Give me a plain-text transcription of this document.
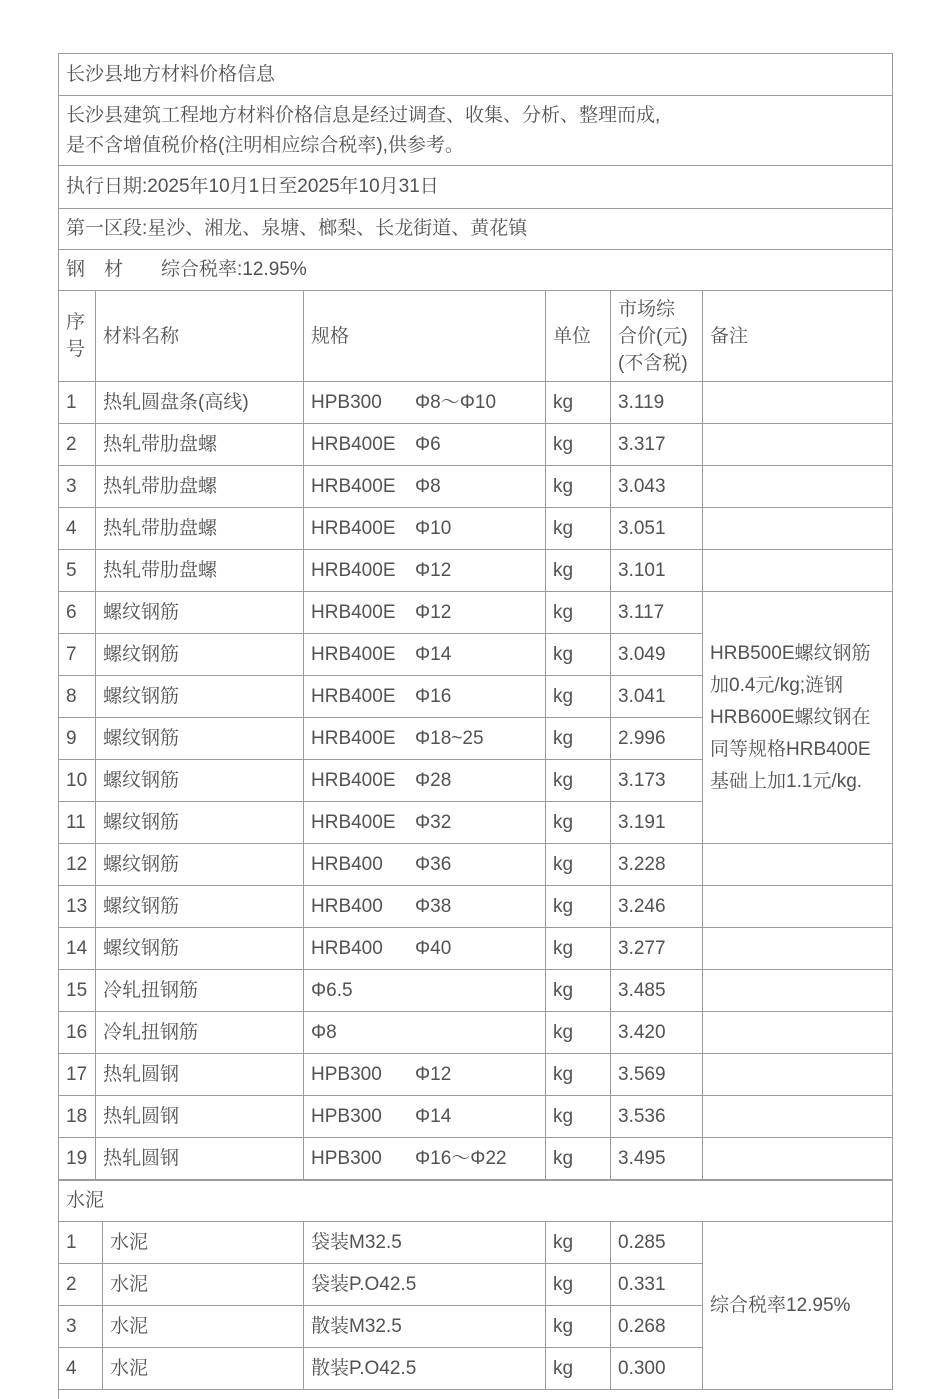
长沙县地方材料价格信息					

长沙县建筑工程地方材料价格信息是经过调查、收集、分析、整理而成,
是不含增值税价格(注明相应综合税率),供参考。					

执行日期:2025年10月1日至2025年10月31日					
第一区段:星沙、湘龙、泉塘、榔梨、长龙街道、黄花镇					
钢　材　　综合税率:12.95%					
序号	材料名称	规格	单位	市场综
合价(元)
(不含税)	备注
1	热轧圆盘条(高线)	HPB300 Φ8～Φ10	kg	3.119	
2	热轧带肋盘螺	HRB400E Φ6	kg	3.317	
3	热轧带肋盘螺	HRB400E Φ8	kg	3.043	
4	热轧带肋盘螺	HRB400E Φ10	kg	3.051	
5	热轧带肋盘螺	HRB400E Φ12	kg	3.101	
6	螺纹钢筋	HRB400E Φ12	kg	3.117	HRB500E螺纹钢筋加0.4元/kg;涟钢HRB600E螺纹钢在同等规格HRB400E基础上加1.1元/kg.
7	螺纹钢筋	HRB400E Φ14	kg	3.049	
8	螺纹钢筋	HRB400E Φ16	kg	3.041	
9	螺纹钢筋	HRB400E Φ18~25	kg	2.996	
10	螺纹钢筋	HRB400E Φ28	kg	3.173	
11	螺纹钢筋	HRB400E Φ32	kg	3.191	
12	螺纹钢筋	HRB400 Φ36	kg	3.228	
13	螺纹钢筋	HRB400 Φ38	kg	3.246	
14	螺纹钢筋	HRB400 Φ40	kg	3.277	
15	冷轧扭钢筋	Φ6.5	kg	3.485	
16	冷轧扭钢筋	Φ8	kg	3.420	
17	热轧圆钢	HPB300 Φ12	kg	3.569	
18	热轧圆钢	HPB300 Φ14	kg	3.536	
19	热轧圆钢	HPB300 Φ16～Φ22	kg	3.495	
水泥					
1	水泥	袋装M32.5	kg	0.285	综合税率12.95%
2	水泥	袋装P.O42.5	kg	0.331	
3	水泥	散装M32.5	kg	0.268	
4	水泥	散装P.O42.5	kg	0.300	
